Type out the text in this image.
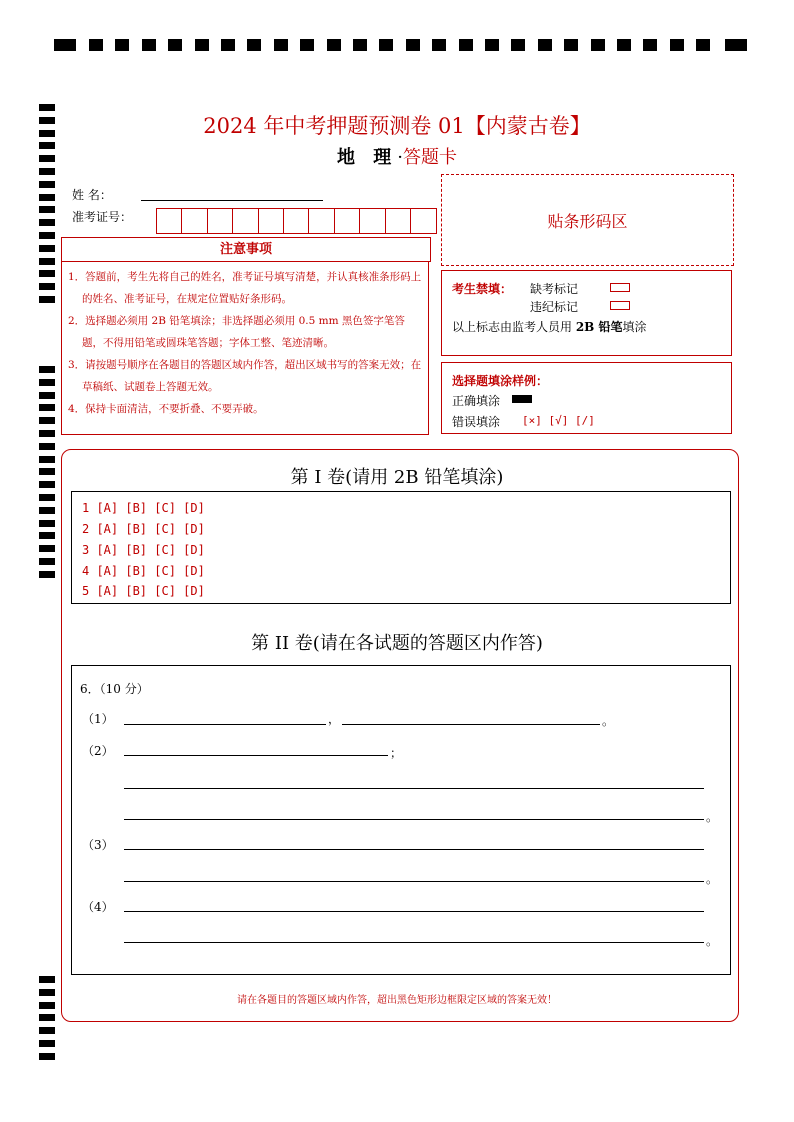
2024 年中考押题预测卷 01【内蒙古卷】
地 理·答题卡
姓 名：
准考证号：	贴条形码区
注意事项
1．答题前，考生先将自己的姓名，准考证号填写清楚，并认真核准条形码上的姓名、准考证号，在规定位置贴好条形码。
2．选择题必须用 2B 铅笔填涂；非选择题必须用 0.5 mm 黑色签字笔答题，不得用铅笔或圆珠笔答题；字体工整、笔迹清晰。
3．请按题号顺序在各题目的答题区域内作答，超出区域书写的答案无效；在草稿纸、试题卷上答题无效。
4．保持卡面清洁，不要折叠、不要弄破。
考生禁填： 缺考标记
违纪标记
以上标志由监考人员用 2B 铅笔填涂
选择题填涂样例：
正确填涂
错误填涂 [×] [√] [/]
第 I 卷(请用 2B 铅笔填涂)
1 [A] [B] [C] [D]
2 [A] [B] [C] [D]
3 [A] [B] [C] [D]
4 [A] [B] [C] [D]
5 [A] [B] [C] [D]
第 II 卷(请在各试题的答题区内作答)
6．（10 分）
（1）	，	。
（2）	；
。
（3）
。
（4）
。
请在各题目的答题区域内作答，超出黑色矩形边框限定区域的答案无效！
